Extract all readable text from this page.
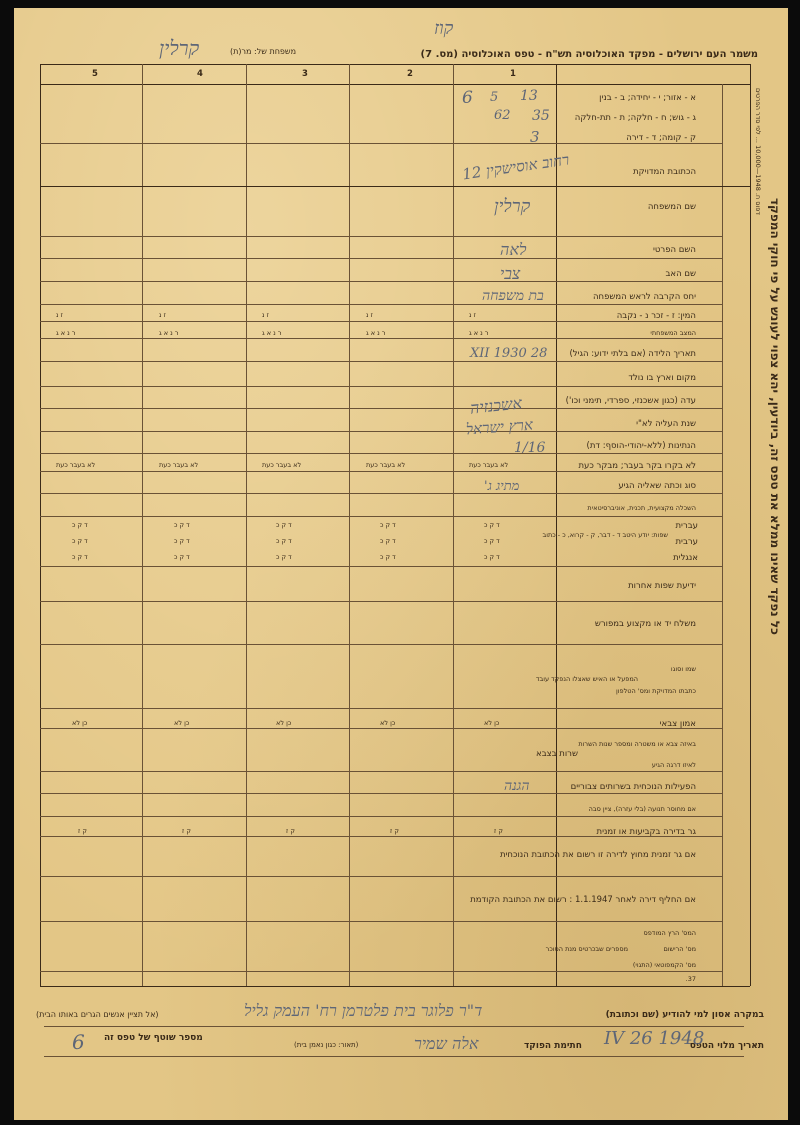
משמר העם ירושלים - מפקד האוכלוסיה תש"ח - טפס האוכלוסיה (מס. 7)
משפחת של: מר(ת)
קרלין
קוז
1
2
3
4
5
א - אזור; י - יחידה; ב - בנין
ג - גוש; ח - חלקה; ת - תת-חלקה
ק - קומה; ד - דירה
הכתובת המדויקת
שם המשפחה
השם הפרטי
שם האב
יחס הקרבה לראש המשפחה
המין: ז - זכר נ - נקבה
המצב המשפחתי
תאריך הלידה (אם בלתי ידוע: הגיל)
מקום וארץ בו נולד
עדה (כגון אשכנזי, ספרדי, תימני וכו')
שנת העליה לא"י
הנתינות (ללא-יהודי-הוסף: דת)
לא בקרו בקר בעבר; מבקר כעת
סוג וכתה שאליה הגיע
השכלה מקצועית, תכנית, אוניברסיטאית
שפות: יודע היטב ד - דבר, ק - קרוא, כ - כתוב
עברית
ערבית
אנגלית
ידיעת שפות אחרות
משלח יד או מקצוע במפורש
שמו וסוגו
כתבתו המדויקת ומס' הטלפון
המפעל או האיש שאצלו הנפקד עובד
אמון צבאי
באיזה צבא או משטרה ומספר שנות השרות
לאיזו דרגה הגיע
שרות בצבא
הפעילות הנוכחית בשרותים צבוריים
אם מחוסר תנועה (בלי עזרה), ציין סבה
גר בדירה בקביעות או זמנית
אם גר זמנית מחוץ לדירה זו רשום את הכתובת הנוכחית
אם החליף דירה לאחר 1.1.1947 : רשום את הכתובת הקודמת
המס' הרץ המודפס
מס' הרישום
מס' הקמפוטאי (התגוי)
מספרים שבכרטיס מנת הסוכר
37.
ז נ
ז נ
ז נ
ז נ
ז נ
ר נ א ג
ר נ א ג
ר נ א ג
ר נ א ג
ר נ א ג
לא בעבר כעת
לא בעבר כעת
לא בעבר כעת
לא בעבר כעת
לא בעבר כעת
ד ק כ
ד ק כ
ד ק כ
ד ק כ
ד ק כ
ד ק כ
ד ק כ
ד ק כ
ד ק כ
ד ק כ
ד ק כ
ד ק כ
ד ק כ
ד ק כ
ד ק כ
כן לא
כן לא
כן לא
כן לא
כן לא
ק ז
ק ז
ק ז
ק ז
ק ז
6 5 13
62 35
3
רחוב אוסישקין 12
קרלין
לאה
צבי
בת משפחה
28 XII 1930
אשכנזיה
ארץ ישראל
1/16
מתיג ג'
הגנה
כל נפקד שאינו ממלא את טפס זה, ביודעין, יהא צפוי לעונש על פי חוקי המפקד
דפוס ח. 1948—10,000 ... לפי סדר הפרטים
במקרה אסון למי להודיע (שם וכתובת)
(אל תציין אנשים הגרים באותו הבית)	ד"ר פלוגר בית פלטרמן רח' העמק גליל
תאריך מלוי הטפס
1948 26 IV
חתימת הפוקד
אלה שמיר
(תאור: כגון נאמן בית)
מספר שוטף של טפס זה
6
